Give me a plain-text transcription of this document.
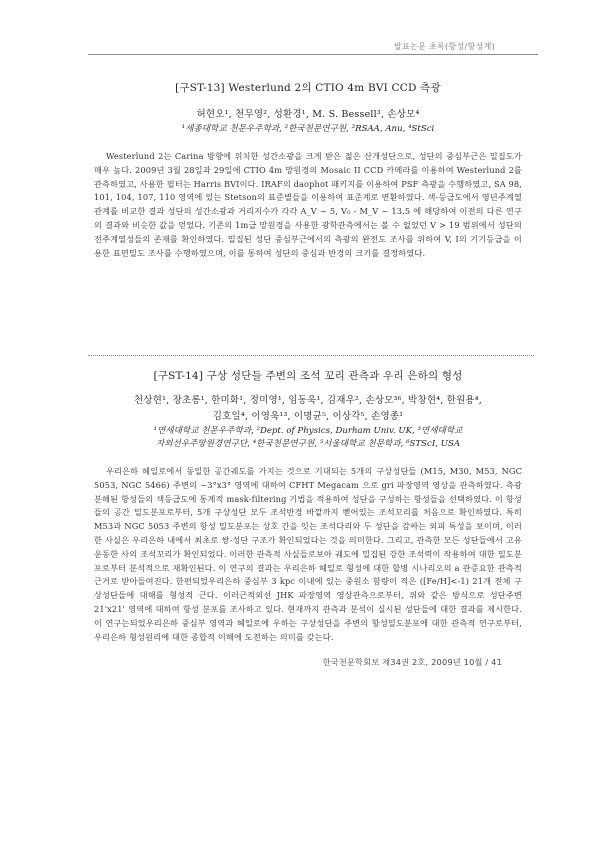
발표논문 초록(항성/항성계)
[구ST-13] Westerlund 2의 CTIO 4m BVI CCD 측광
허현오¹, 천무영², 성환경¹, M. S. Bessell³, 손상모⁴
¹세종대학교 천문우주학과, ²한국천문연구원, ³RSAA, Anu, ⁴StSci

Westerlund 2는 Carina 방향에 위치한 성간소광을 크게 받은 젊은 산개성단으로, 성단의 중심부근은 밀집도가 매우 높다. 2009년 3월 28일과 29일에 CTIO 4m 망원경의 Mosaic II CCD 카메라를 이용하여 Westerlund 2를 관측하였고, 사용한 필터는 Harris BVI이다. IRAF의 daophot 패키지를 이용하여 PSF 측광을 수행하였고, SA 98, 101, 104, 107, 110 영역에 있는 Stetson의 표준별들을 이용하여 표준계로 변환하였다. 색-등급도에서 영년주계열 관계를 비교한 결과 성단의 성간소광과 거리지수가 각각 A_V ~ 5, V₀ - M_V ~ 13.5 에 해당하여 이전의 다른 연구의 결과와 비슷한 값을 얻었다. 기존의 1m급 망원경을 사용한 광학관측에서는 볼 수 없었던 V > 19 범위에서 성단의 전주계열성들의 존재를 확인하였다. 밀집된 성단 중심부근에서의 측광의 완전도 조사를 위하여 V, I의 기기등급을 이용한 표면밀도 조사를 수행하였으며, 이를 통하여 성단의 중심과 반경의 크기를 결정하였다.

[구ST-14] 구상 성단들 주변의 조석 꼬리 관측과 우리 은하의 형성
천상현¹, 장초롱¹, 한미화¹, 정미영¹, 임동욱¹, 김재우², 손상모³⁶, 박창현⁴, 한원용⁴,
김호일⁴, 이영욱¹³, 이명균⁵, 이상각⁵, 손영종¹
¹연세대학교 천문우주학과, ²Dept. of Physics, Durham Univ. UK, ³연세대학교
자외선우주망원경연구단, ⁴한국천문연구원, ⁵서울대학교 천문학과, ⁶STScI, USA

우리은하 헤일로에서 동일한 공간궤도를 가지는 것으로 기대되는 5개의 구상성단들 (M15, M30, M53, NGC 5053, NGC 5466) 주변의 ~3°x3° 영역에 대하여 CFHT Megacam 으로 gri 파장영역 영상을 관측하였다. 측광 분해된 항성들의 색등급도에 통계적 mask-filtering 기법을 적용하여 성단을 구성하는 항성들을 선택하였다. 이 항성들의 공간 밀도분포로부터, 5개 구상성단 모두 조석반경 바깥까지 뻗어있는 조석꼬리를 처음으로 확인하였다. 특히 M53과 NGC 5053 주변의 항성 밀도분포는 상호 간을 잇는 조석다리와 두 성단을 감싸는 외피 특성을 보이며, 이러한 사실은 우리은하 내에서 최초로 쌍-성단 구조가 확인되었다는 것을 의미한다. 그리고, 관측한 모든 성단들에서 고유운동한 사의 조석꼬리가 확인되었다. 이러한 관측적 사실들로보아 궤도에 밀집된 강한 조석력이 작용하여 대한 밀도분포로부터 분석적으로 재확인된다. 이 연구의 결과는 우리은하 헤일로 형성에 대한 합병 시나리오의 a 관증요한 관측적 근거로 받아들여진다. 한편되었우리은하 중심부 3 kpc 이내에 있는 중원소 함량이 적은 ([Fe/H]<-1) 21개 전체 구상성단들에 대해를 형성적 근다. 이러근적외선 JHK 파장영역 영상관측으로부터, 위와 같은 방식으로 성단주변 21'x21' 영역에 대하여 항성 분포를 조사하고 있다. 현재까지 관측과 분석이 실시된 성단들에 대한 결과를 제시한다. 이 연구는되었우리은하 중심부 영역과 헤일로에 우하는 구상성단을 주변의 항성밀도분포에 대한 관측적 연구로부터, 우리은하 형성원리에 대한 종합적 이해에 도전하는 의미를 갖는다.

한국천문학회보 제34권 2호, 2009년 10월 / 41
